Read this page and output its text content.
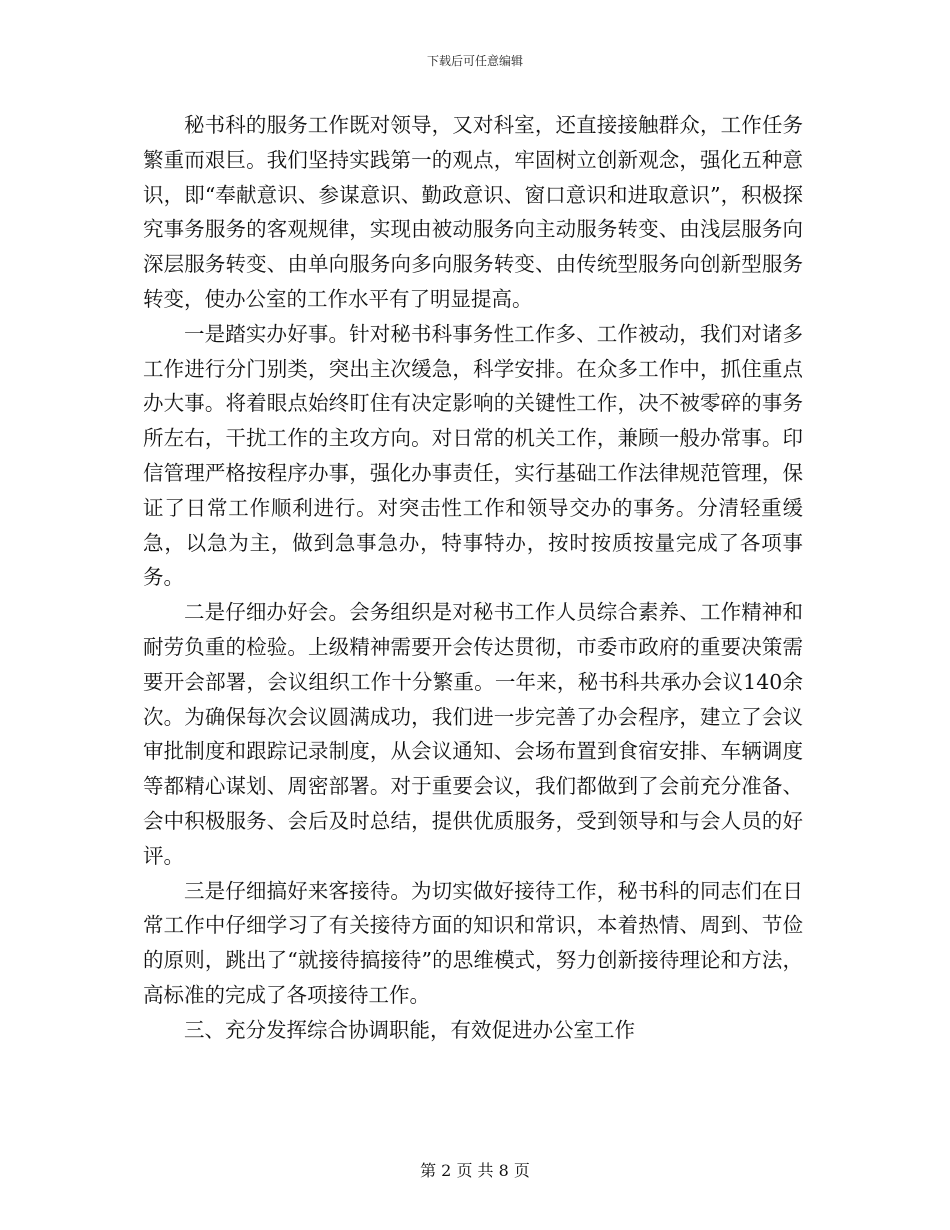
下载后可任意编辑

秘书科的服务工作既对领导，又对科室，还直接接触群众，工作任务繁重而艰巨。我们坚持实践第一的观点，牢固树立创新观念，强化五种意识，即“奉献意识、参谋意识、勤政意识、窗口意识和进取意识”，积极探究事务服务的客观规律，实现由被动服务向主动服务转变、由浅层服务向深层服务转变、由单向服务向多向服务转变、由传统型服务向创新型服务转变，使办公室的工作水平有了明显提高。

一是踏实办好事。针对秘书科事务性工作多、工作被动，我们对诸多工作进行分门别类，突出主次缓急，科学安排。在众多工作中，抓住重点办大事。将着眼点始终盯住有决定影响的关键性工作，决不被零碎的事务所左右，干扰工作的主攻方向。对日常的机关工作，兼顾一般办常事。印信管理严格按程序办事，强化办事责任，实行基础工作法律规范管理，保证了日常工作顺利进行。对突击性工作和领导交办的事务。分清轻重缓急，以急为主，做到急事急办，特事特办，按时按质按量完成了各项事务。

二是仔细办好会。会务组织是对秘书工作人员综合素养、工作精神和耐劳负重的检验。上级精神需要开会传达贯彻，市委市政府的重要决策需要开会部署，会议组织工作十分繁重。一年来，秘书科共承办会议140余次。为确保每次会议圆满成功，我们进一步完善了办会程序，建立了会议审批制度和跟踪记录制度，从会议通知、会场布置到食宿安排、车辆调度等都精心谋划、周密部署。对于重要会议，我们都做到了会前充分准备、会中积极服务、会后及时总结，提供优质服务，受到领导和与会人员的好评。

三是仔细搞好来客接待。为切实做好接待工作，秘书科的同志们在日常工作中仔细学习了有关接待方面的知识和常识，本着热情、周到、节俭的原则，跳出了“就接待搞接待”的思维模式，努力创新接待理论和方法，高标准的完成了各项接待工作。

三、充分发挥综合协调职能，有效促进办公室工作

第 2 页 共 8 页
